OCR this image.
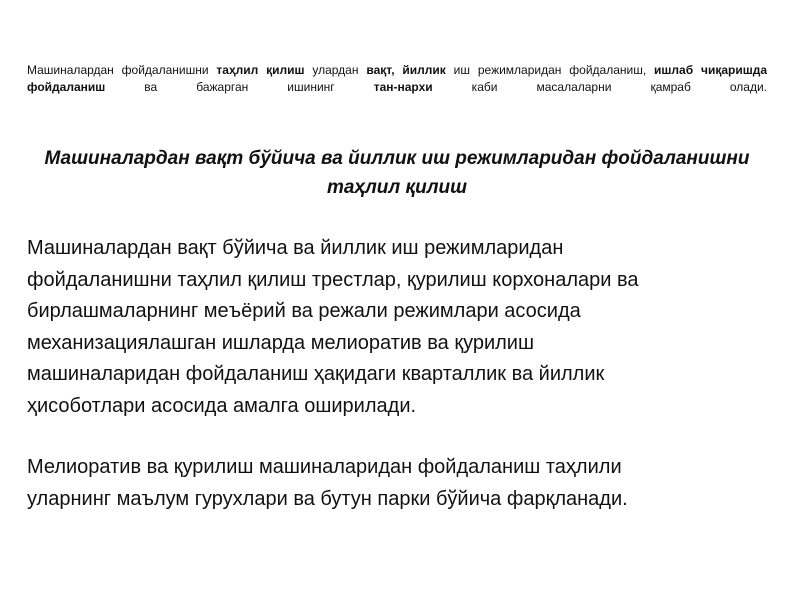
Машиналардан фойдаланишни таҳлил қилиш улардан вақт, йиллик иш режимларидан фойдаланиш, ишлаб чиқаришда фойдаланиш ва бажарган ишининг тан-нархи каби масалаларни қамраб олади.
Машиналардан вақт бўйича ва йиллик иш режимларидан фойдаланишни
таҳлил қилиш
Машиналардан вақт бўйича ва йиллик иш режимларидан
фойдаланишни таҳлил қилиш трестлар, қурилиш корхоналари ва
бирлашмаларнинг меъёрий ва режали режимлари асосида
механизациялашган ишларда мелиоратив ва қурилиш
машиналаридан фойдаланиш ҳақидаги кварталлик ва йиллик
ҳисоботлари асосида амалга оширилади.
Мелиоратив ва қурилиш машиналаридан фойдаланиш таҳлили
уларнинг маълум гурухлари ва бутун парки бўйича фарқланади.
